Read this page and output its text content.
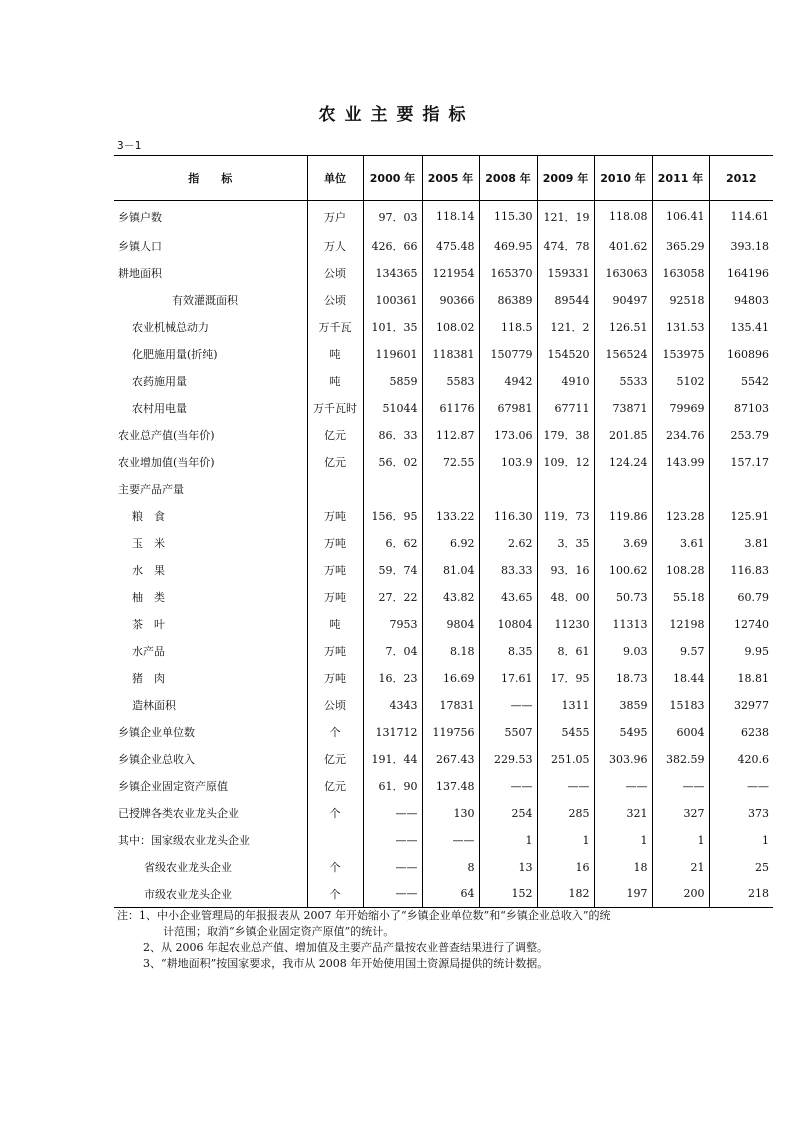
农业主要指标
3－1
指　　标	单位	2000 年	2005 年	2008 年	2009 年	2010 年	2011 年	2012
乡镇户数	万户	97．03	118.14	115.30	121．19	118.08	106.41	114.61
乡镇人口	万人	426．66	475.48	469.95	474．78	401.62	365.29	393.18
耕地面积	公顷	134365	121954	165370	159331	163063	163058	164196
有效灌溉面积	公顷	100361	90366	86389	89544	90497	92518	94803
农业机械总动力	万千瓦	101．35	108.02	118.5	121．2	126.51	131.53	135.41
化肥施用量(折纯)	吨	119601	118381	150779	154520	156524	153975	160896
农药施用量	吨	5859	5583	4942	4910	5533	5102	5542
农村用电量	万千瓦时	51044	61176	67981	67711	73871	79969	87103
农业总产值(当年价)	亿元	86．33	112.87	173.06	179．38	201.85	234.76	253.79
农业增加值(当年价)	亿元	56．02	72.55	103.9	109．12	124.24	143.99	157.17
主要产品产量								
粮　食	万吨	156．95	133.22	116.30	119．73	119.86	123.28	125.91
玉　米	万吨	6．62	6.92	2.62	3．35	3.69	3.61	3.81
水　果	万吨	59．74	81.04	83.33	93．16	100.62	108.28	116.83
柚　类	万吨	27．22	43.82	43.65	48．00	50.73	55.18	60.79
茶　叶	吨	7953	9804	10804	11230	11313	12198	12740
水产品	万吨	7．04	8.18	8.35	8．61	9.03	9.57	9.95
猪　肉	万吨	16．23	16.69	17.61	17．95	18.73	18.44	18.81
造林面积	公顷	4343	17831	——	1311	3859	15183	32977
乡镇企业单位数	个	131712	119756	5507	5455	5495	6004	6238
乡镇企业总收入	亿元	191．44	267.43	229.53	251.05	303.96	382.59	420.6
乡镇企业固定资产原值	亿元	61．90	137.48	——	——	——	——	——
已授牌各类农业龙头企业	个	——	130	254	285	321	327	373
其中：国家级农业龙头企业		——	——	1	1	1	1	1
省级农业龙头企业	个	——	8	13	16	18	21	25
市级农业龙头企业	个	——	64	152	182	197	200	218
注：1、中小企业管理局的年报报表从 2007 年开始缩小了“乡镇企业单位数”和“乡镇企业总收入”的统
计范围；取消“乡镇企业固定资产原值”的统计。
2、从 2006 年起农业总产值、增加值及主要产品产量按农业普查结果进行了调整。
3、“耕地面积”按国家要求，我市从 2008 年开始使用国土资源局提供的统计数据。
